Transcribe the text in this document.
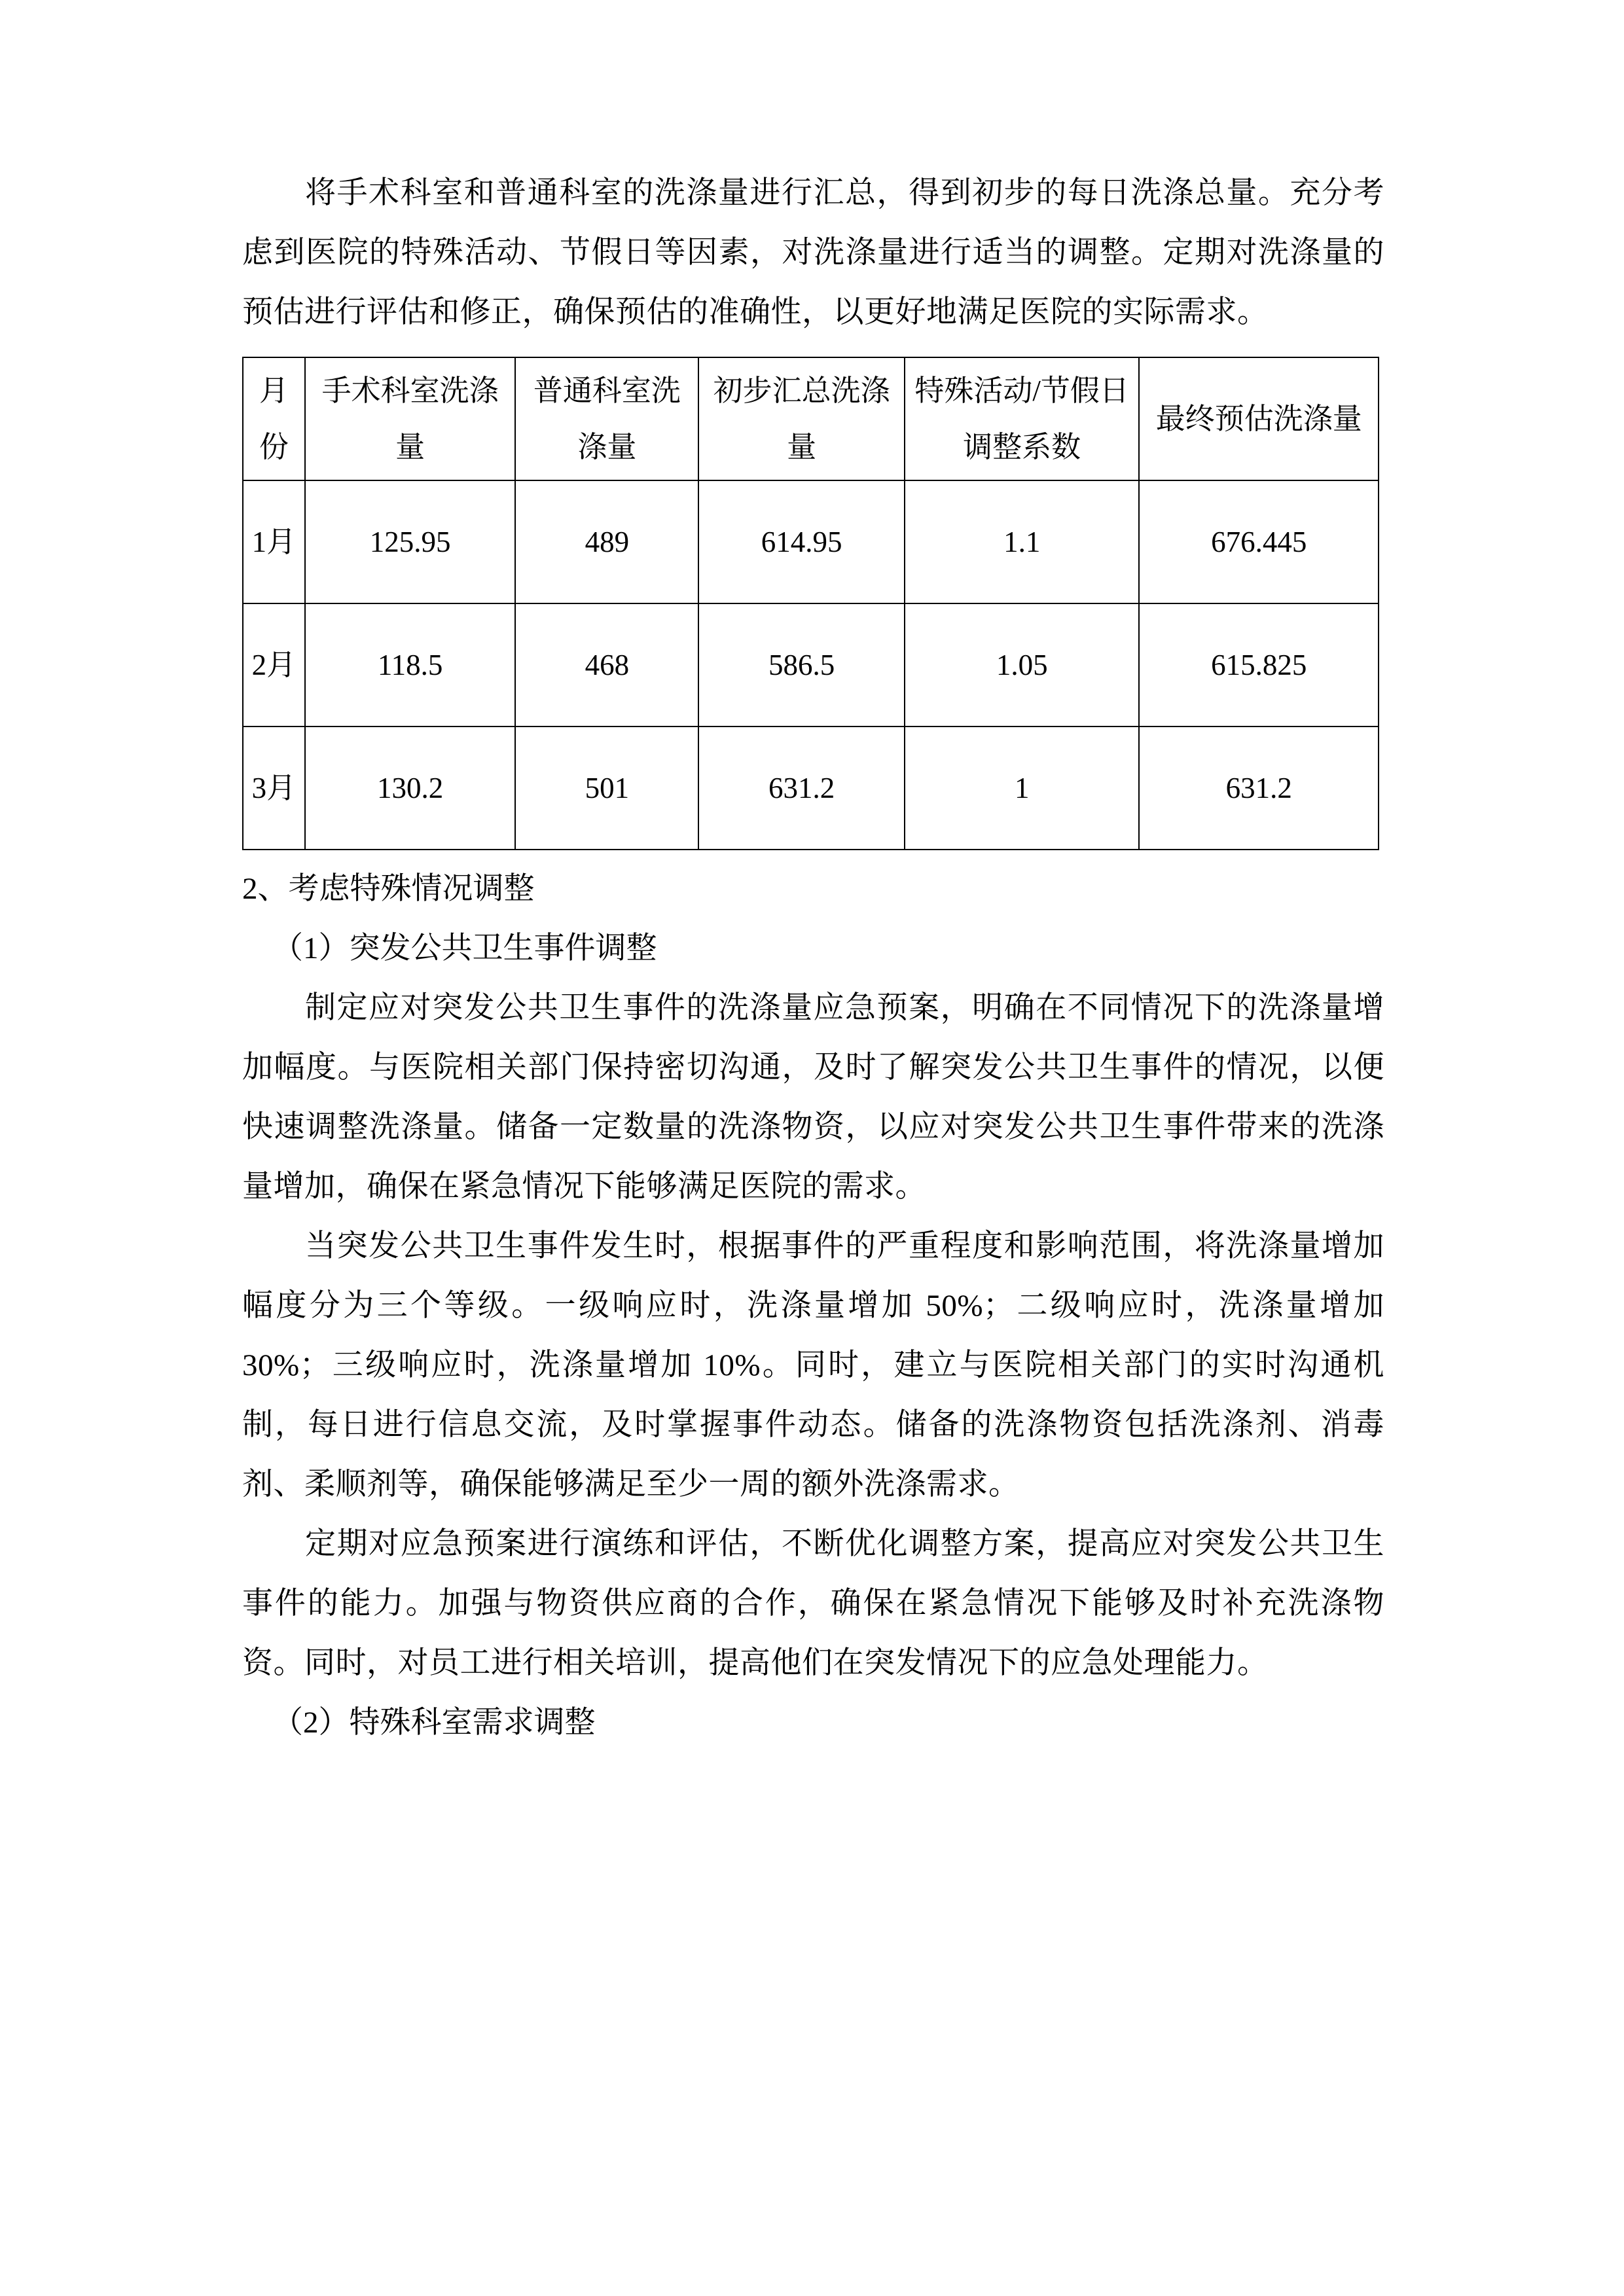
将手术科室和普通科室的洗涤量进行汇总，得到初步的每日洗涤总量。充分考虑到医院的特殊活动、节假日等因素，对洗涤量进行适当的调整。定期对洗涤量的预估进行评估和修正，确保预估的准确性，以更好地满足医院的实际需求。

月份	手术科室洗涤量	普通科室洗涤量	初步汇总洗涤量	特殊活动/节假日调整系数	最终预估洗涤量
1月	125.95	489	614.95	1.1	676.445
2月	118.5	468	586.5	1.05	615.825
3月	130.2	501	631.2	1	631.2

2、考虑特殊情况调整

（1）突发公共卫生事件调整

制定应对突发公共卫生事件的洗涤量应急预案，明确在不同情况下的洗涤量增加幅度。与医院相关部门保持密切沟通，及时了解突发公共卫生事件的情况，以便快速调整洗涤量。储备一定数量的洗涤物资，以应对突发公共卫生事件带来的洗涤量增加，确保在紧急情况下能够满足医院的需求。

当突发公共卫生事件发生时，根据事件的严重程度和影响范围，将洗涤量增加幅度分为三个等级。一级响应时，洗涤量增加 50%；二级响应时，洗涤量增加 30%；三级响应时，洗涤量增加 10%。同时，建立与医院相关部门的实时沟通机制，每日进行信息交流，及时掌握事件动态。储备的洗涤物资包括洗涤剂、消毒剂、柔顺剂等，确保能够满足至少一周的额外洗涤需求。

定期对应急预案进行演练和评估，不断优化调整方案，提高应对突发公共卫生事件的能力。加强与物资供应商的合作，确保在紧急情况下能够及时补充洗涤物资。同时，对员工进行相关培训，提高他们在突发情况下的应急处理能力。

（2）特殊科室需求调整
